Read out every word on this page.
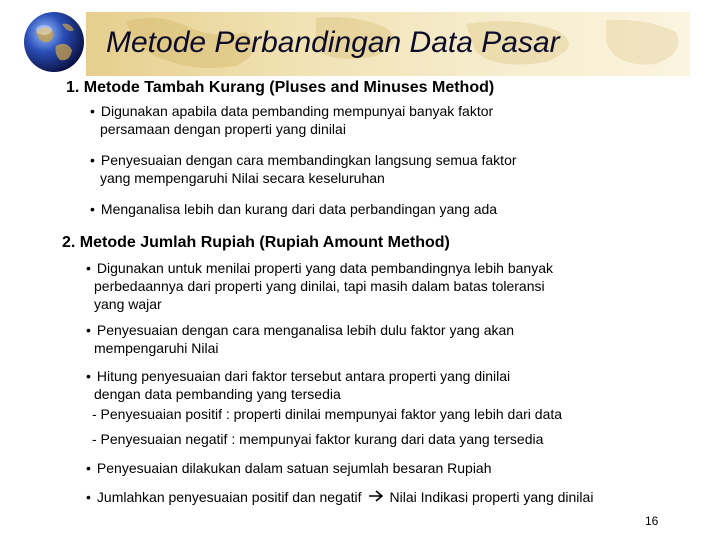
Metode Perbandingan Data Pasar
1. Metode Tambah Kurang (Pluses and Minuses Method)
• Digunakan apabila data pembanding mempunyai banyak faktor
persamaan dengan properti yang dinilai
• Penyesuaian dengan cara membandingkan langsung semua faktor
yang mempengaruhi Nilai secara keseluruhan
• Menganalisa lebih dan kurang dari data perbandingan yang ada
2. Metode Jumlah Rupiah (Rupiah Amount Method)
• Digunakan untuk menilai properti yang data pembandingnya lebih banyak
perbedaannya dari properti yang dinilai, tapi masih dalam batas toleransi
yang wajar
• Penyesuaian dengan cara menganalisa lebih dulu faktor yang akan
mempengaruhi Nilai
• Hitung penyesuaian dari faktor tersebut antara properti yang dinilai
dengan data pembanding yang tersedia
- Penyesuaian positif : properti dinilai mempunyai faktor yang lebih dari data
- Penyesuaian negatif : mempunyai faktor kurang dari data yang tersedia
• Penyesuaian dilakukan dalam satuan sejumlah besaran Rupiah
• Jumlahkan penyesuaian positif dan negatif Nilai Indikasi properti yang dinilai
16
